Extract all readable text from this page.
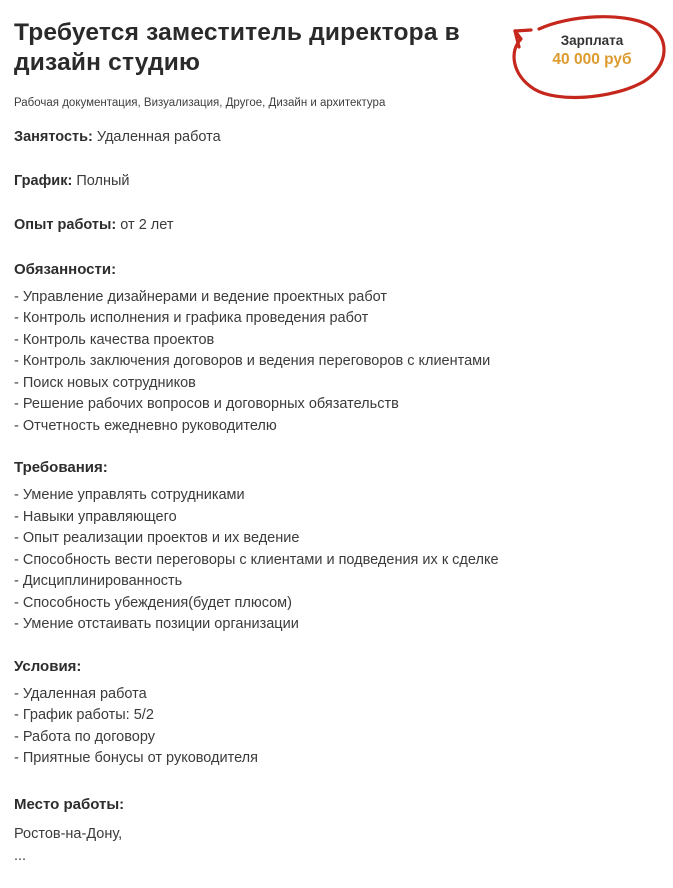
Требуется заместитель директора в дизайн студию
Зарплата
40 000 руб
Рабочая документация, Визуализация, Другое, Дизайн и архитектура

Занятость: Удаленная работа

График: Полный

Опыт работы: от 2 лет

Обязанности:
- Управление дизайнерами и ведение проектных работ
- Контроль исполнения и графика проведения работ
- Контроль качества проектов
- Контроль заключения договоров и ведения переговоров с клиентами
- Поиск новых сотрудников
- Решение рабочих вопросов и договорных обязательств
- Отчетность ежедневно руководителю
Требования:
- Умение управлять сотрудниками
- Навыки управляющего
- Опыт реализации проектов и их ведение
- Способность вести переговоры с клиентами и подведения их к сделке
- Дисциплинированность
- Способность убеждения(будет плюсом)
- Умение отстаивать позиции организации
Условия:
- Удаленная работа
- График работы: 5/2
- Работа по договору
- Приятные бонусы от руководителя
Место работы:
Ростов-на-Дону,
...
